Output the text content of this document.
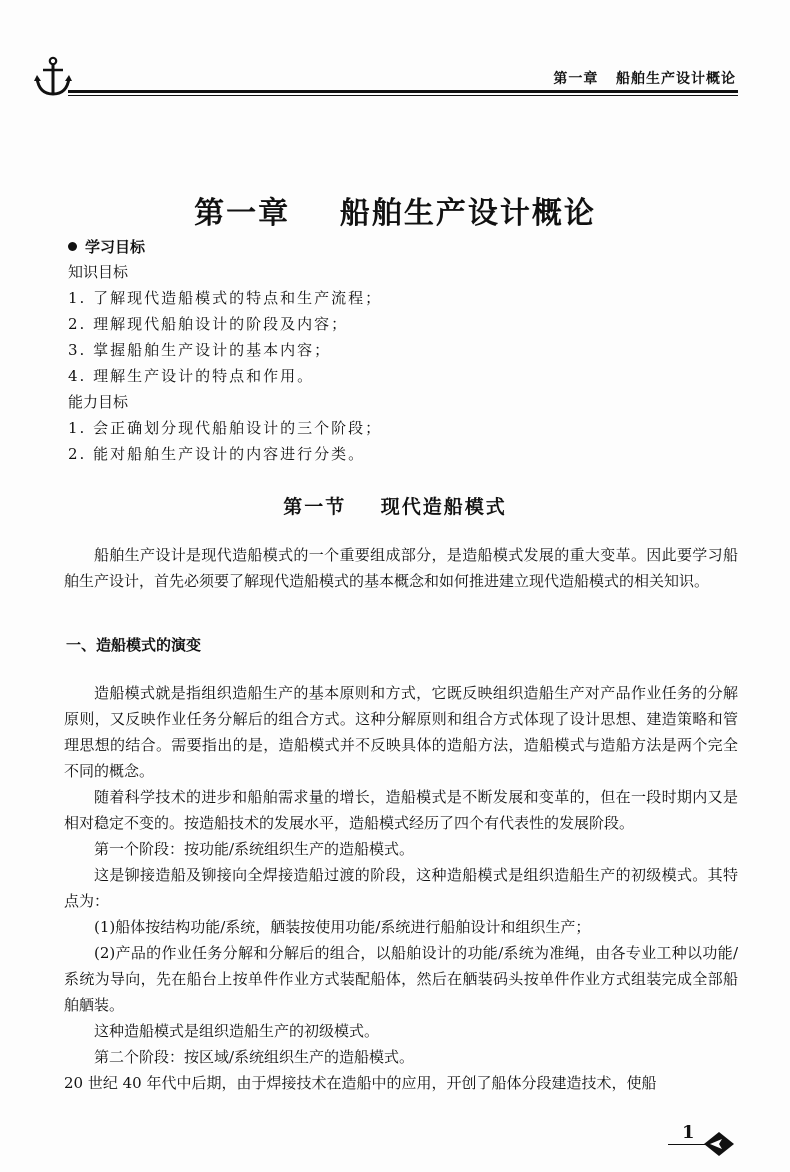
第一章   船舶生产设计概论
第一章    船舶生产设计概论
学习目标
知识目标
1. 了解现代造船模式的特点和生产流程；
2. 理解现代船舶设计的阶段及内容；
3. 掌握船舶生产设计的基本内容；
4. 理解生产设计的特点和作用。
能力目标
1. 会正确划分现代船舶设计的三个阶段；
2. 能对船舶生产设计的内容进行分类。
第一节    现代造船模式

船舶生产设计是现代造船模式的一个重要组成部分，是造船模式发展的重大变革。因此要学习船舶生产设计，首先必须要了解现代造船模式的基本概念和如何推进建立现代造船模式的相关知识。

一、造船模式的演变

造船模式就是指组织造船生产的基本原则和方式，它既反映组织造船生产对产品作业任务的分解原则，又反映作业任务分解后的组合方式。这种分解原则和组合方式体现了设计思想、建造策略和管理思想的结合。需要指出的是，造船模式并不反映具体的造船方法，造船模式与造船方法是两个完全不同的概念。

随着科学技术的进步和船舶需求量的增长，造船模式是不断发展和变革的，但在一段时期内又是相对稳定不变的。按造船技术的发展水平，造船模式经历了四个有代表性的发展阶段。

第一个阶段：按功能/系统组织生产的造船模式。

这是铆接造船及铆接向全焊接造船过渡的阶段，这种造船模式是组织造船生产的初级模式。其特点为：

(1)船体按结构功能/系统，舾装按使用功能/系统进行船舶设计和组织生产；

(2)产品的作业任务分解和分解后的组合，以船舶设计的功能/系统为准绳，由各专业工种以功能/系统为导向，先在船台上按单件作业方式装配船体，然后在舾装码头按单件作业方式组装完成全部船舶舾装。

这种造船模式是组织造船生产的初级模式。

第二个阶段：按区域/系统组织生产的造船模式。

20 世纪 40 年代中后期，由于焊接技术在造船中的应用，开创了船体分段建造技术，使船

1
